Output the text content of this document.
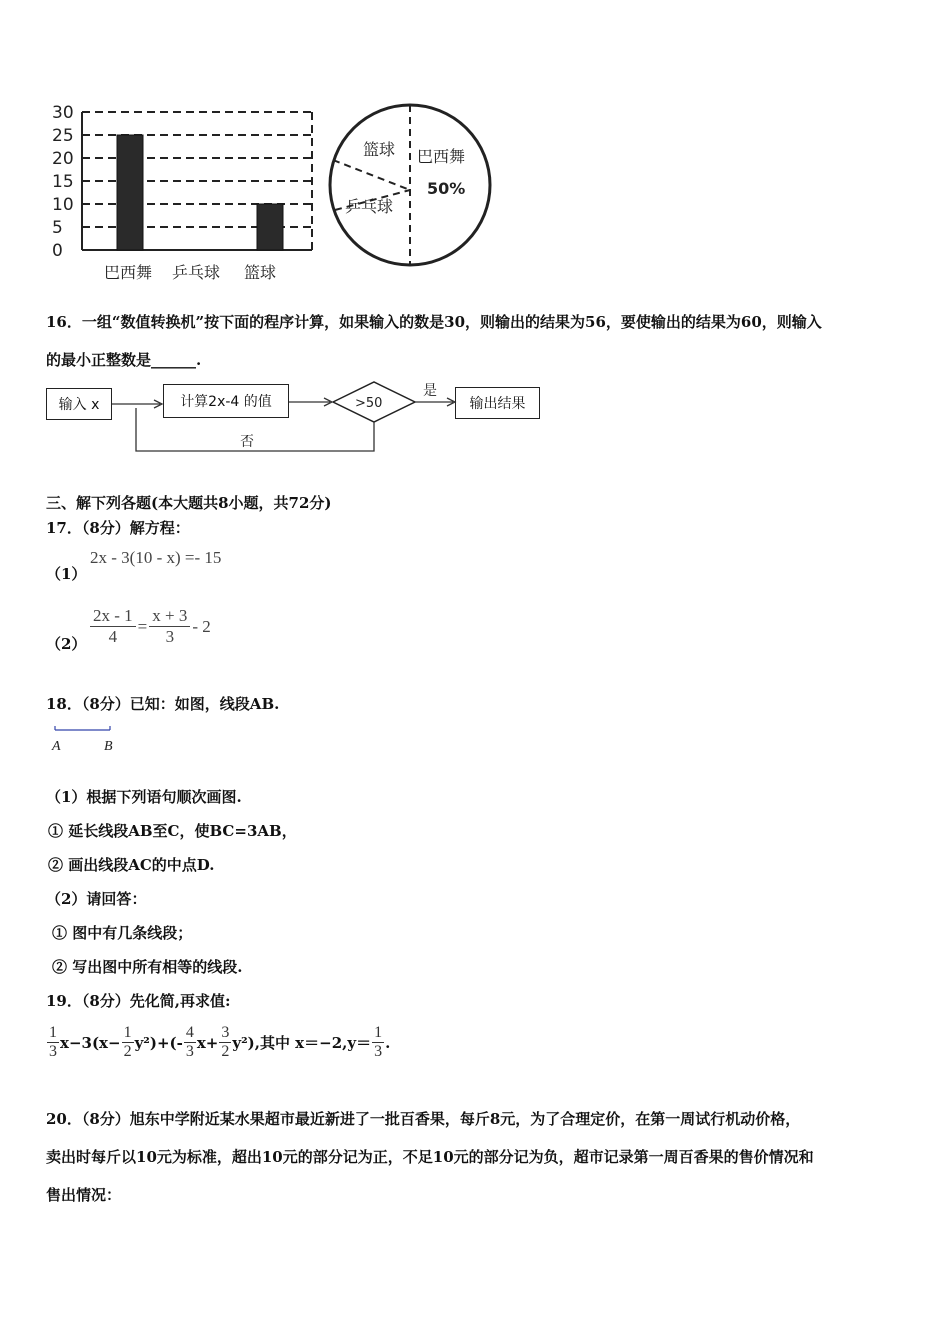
30
25
20
15
10
5
0
巴西舞 乒乓球 篮球
篮球 巴西舞
50%
乒乓球
16．一组“数值转换机”按下面的程序计算，如果输入的数是30，则输出的结果为56，要使输出的结果为60，则输入
的最小正整数是______.
输入 x	计算2x-4 的值	输出结果
>50
是
否
三、解下列各题(本大题共8小题，共72分)
17．（8分）解方程：
（1）
2x - 3(10 - x) =- 15
$(2) \frac{2x - 1}{4} = \frac{x + 3}{3} - 2$
18．（8分）已知：如图，线段AB.
A	B
（1）根据下列语句顺次画图.
① 延长线段AB至C，使BC=3AB，
② 画出线段AC的中点D.
（2）请回答：
① 图中有几条线段；
② 写出图中所有相等的线段.
19．（8分）先化简,再求值:
$\frac{1}{3} x-3(x- \frac{1}{2} y^2)+(- \frac{4}{3} x+ \frac{3}{2} y^2)$,其中 $x=-2,y= \frac{1}{3}$ .
20．（8分）旭东中学附近某水果超市最近新进了一批百香果，每斤8元，为了合理定价，在第一周试行机动价格，
卖出时每斤以10元为标准，超出10元的部分记为正，不足10元的部分记为负，超市记录第一周百香果的售价情况和
售出情况：
